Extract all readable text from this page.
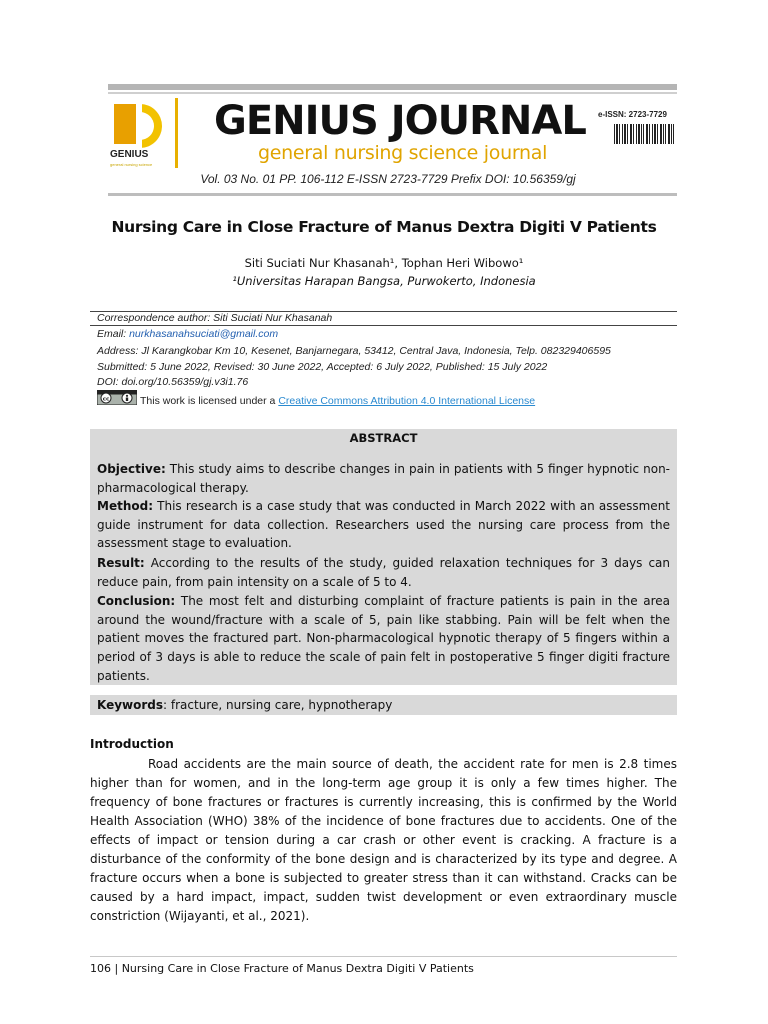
GENIUS
general nursing science
GENIUS JOURNAL
general nursing science journal
e-ISSN: 2723-7729
Vol. 03 No. 01 PP. 106-112 E-ISSN 2723-7729 Prefix DOI: 10.56359/gj
Nursing Care in Close Fracture of Manus Dextra Digiti V Patients
Siti Suciati Nur Khasanah¹, Tophan Heri Wibowo¹
¹Universitas Harapan Bangsa, Purwokerto, Indonesia
Correspondence author: Siti Suciati Nur Khasanah
Email: nurkhasanahsuciati@gmail.com
Address: Jl Karangkobar Km 10, Kesenet, Banjarnegara, 53412, Central Java, Indonesia, Telp. 082329406595
Submitted: 5 June 2022, Revised: 30 June 2022, Accepted: 6 July 2022, Published: 15 July 2022
DOI: doi.org/10.56359/gj.v3i1.76
cc	This work is licensed under a Creative Commons Attribution 4.0 International License
ABSTRACT
Objective: This study aims to describe changes in pain in patients with 5 finger hypnotic non-pharmacological therapy.
Method: This research is a case study that was conducted in March 2022 with an assessment guide instrument for data collection. Researchers used the nursing care process from the assessment stage to evaluation.
Result: According to the results of the study, guided relaxation techniques for 3 days can reduce pain, from pain intensity on a scale of 5 to 4.
Conclusion: The most felt and disturbing complaint of fracture patients is pain in the area around the wound/fracture with a scale of 5, pain like stabbing. Pain will be felt when the patient moves the fractured part. Non-pharmacological hypnotic therapy of 5 fingers within a period of 3 days is able to reduce the scale of pain felt in postoperative 5 finger digiti fracture patients.
Keywords: fracture, nursing care, hypnotherapy
Introduction
Road accidents are the main source of death, the accident rate for men is 2.8 times higher than for women, and in the long-term age group it is only a few times higher. The frequency of bone fractures or fractures is currently increasing, this is confirmed by the World Health Association (WHO) 38% of the incidence of bone fractures due to accidents. One of the effects of impact or tension during a car crash or other event is cracking. A fracture is a disturbance of the conformity of the bone design and is characterized by its type and degree. A fracture occurs when a bone is subjected to greater stress than it can withstand. Cracks can be caused by a hard impact, impact, sudden twist development or even extraordinary muscle constriction (Wijayanti, et al., 2021).
106 | Nursing Care in Close Fracture of Manus Dextra Digiti V Patients
